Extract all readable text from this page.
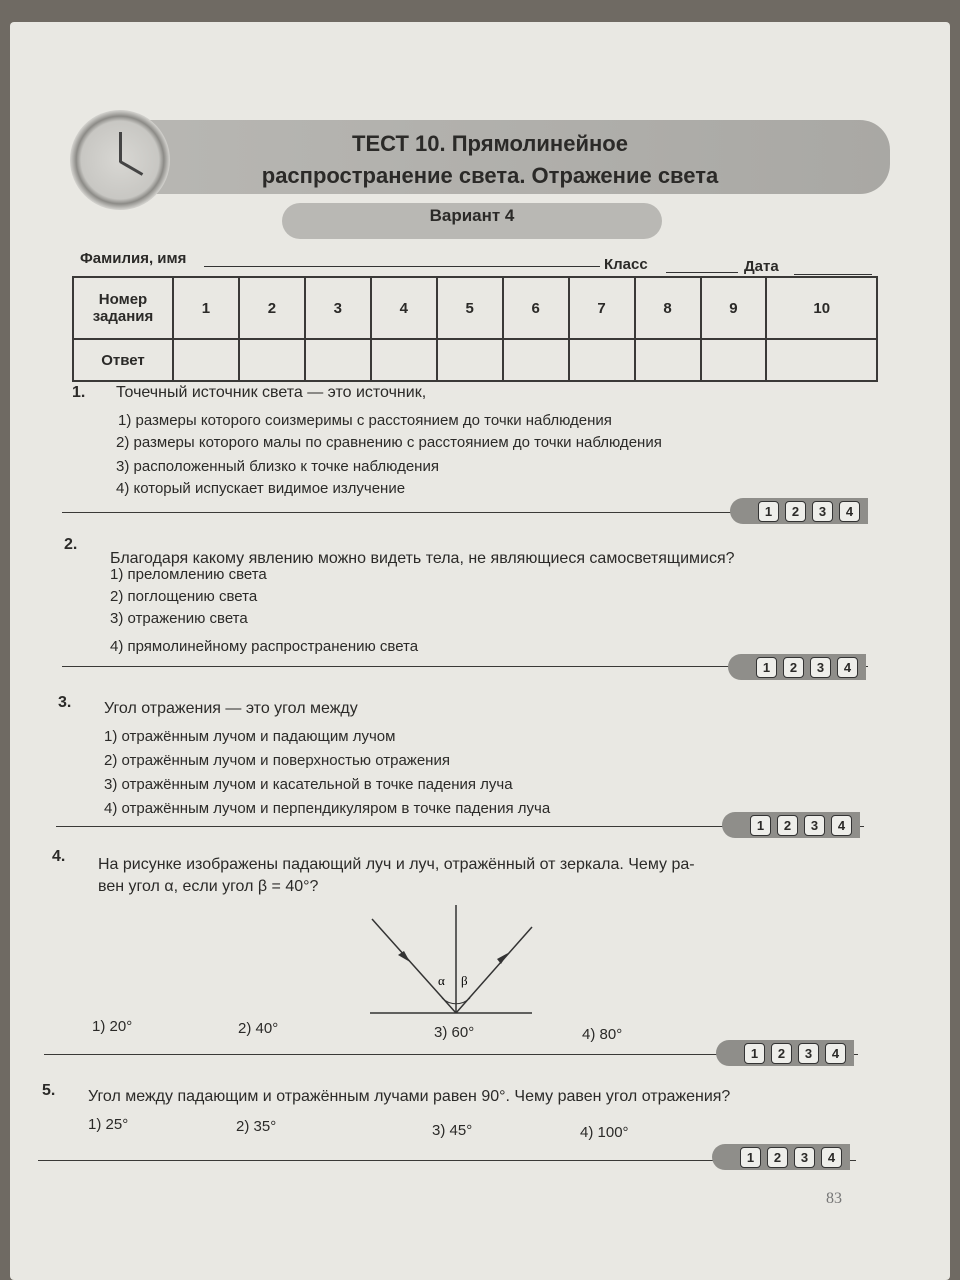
ТЕСТ 10. Прямолинейное
распространение света. Отражение света
Вариант 4
Фамилия, имя	Класс	Дата
Номер задания	1	2	3	4	5	6	7	8	9	10
Ответ										
1. Точечный источник света — это источник,
1) размеры которого соизмеримы с расстоянием до точки наблюдения
2) размеры которого малы по сравнению с расстоянием до точки наблюдения
3) расположенный близко к точке наблюдения
4) который испускает видимое излучение
1	2	3	4
2.
Благодаря какому явлению можно видеть тела, не являющиеся самосветящимися?
1) преломлению света
2) поглощению света
3) отражению света
4) прямолинейному распространению света
1	2	3	4
3. Угол отражения — это угол между
1) отражённым лучом и падающим лучом
2) отражённым лучом и поверхностью отражения
3) отражённым лучом и касательной в точке падения луча
4) отражённым лучом и перпендикуляром в точке падения луча
1	2	3	4
4. На рисунке изображены падающий луч и луч, отражённый от зеркала. Чему ра-
вен угол α, если угол β = 40°?
α β
1) 20°	2) 40°	3) 60°	4) 80°
1	2	3	4
5. Угол между падающим и отражённым лучами равен 90°. Чему равен угол отражения?
1) 25°	2) 35°	3) 45°	4) 100°
1	2	3	4
83
